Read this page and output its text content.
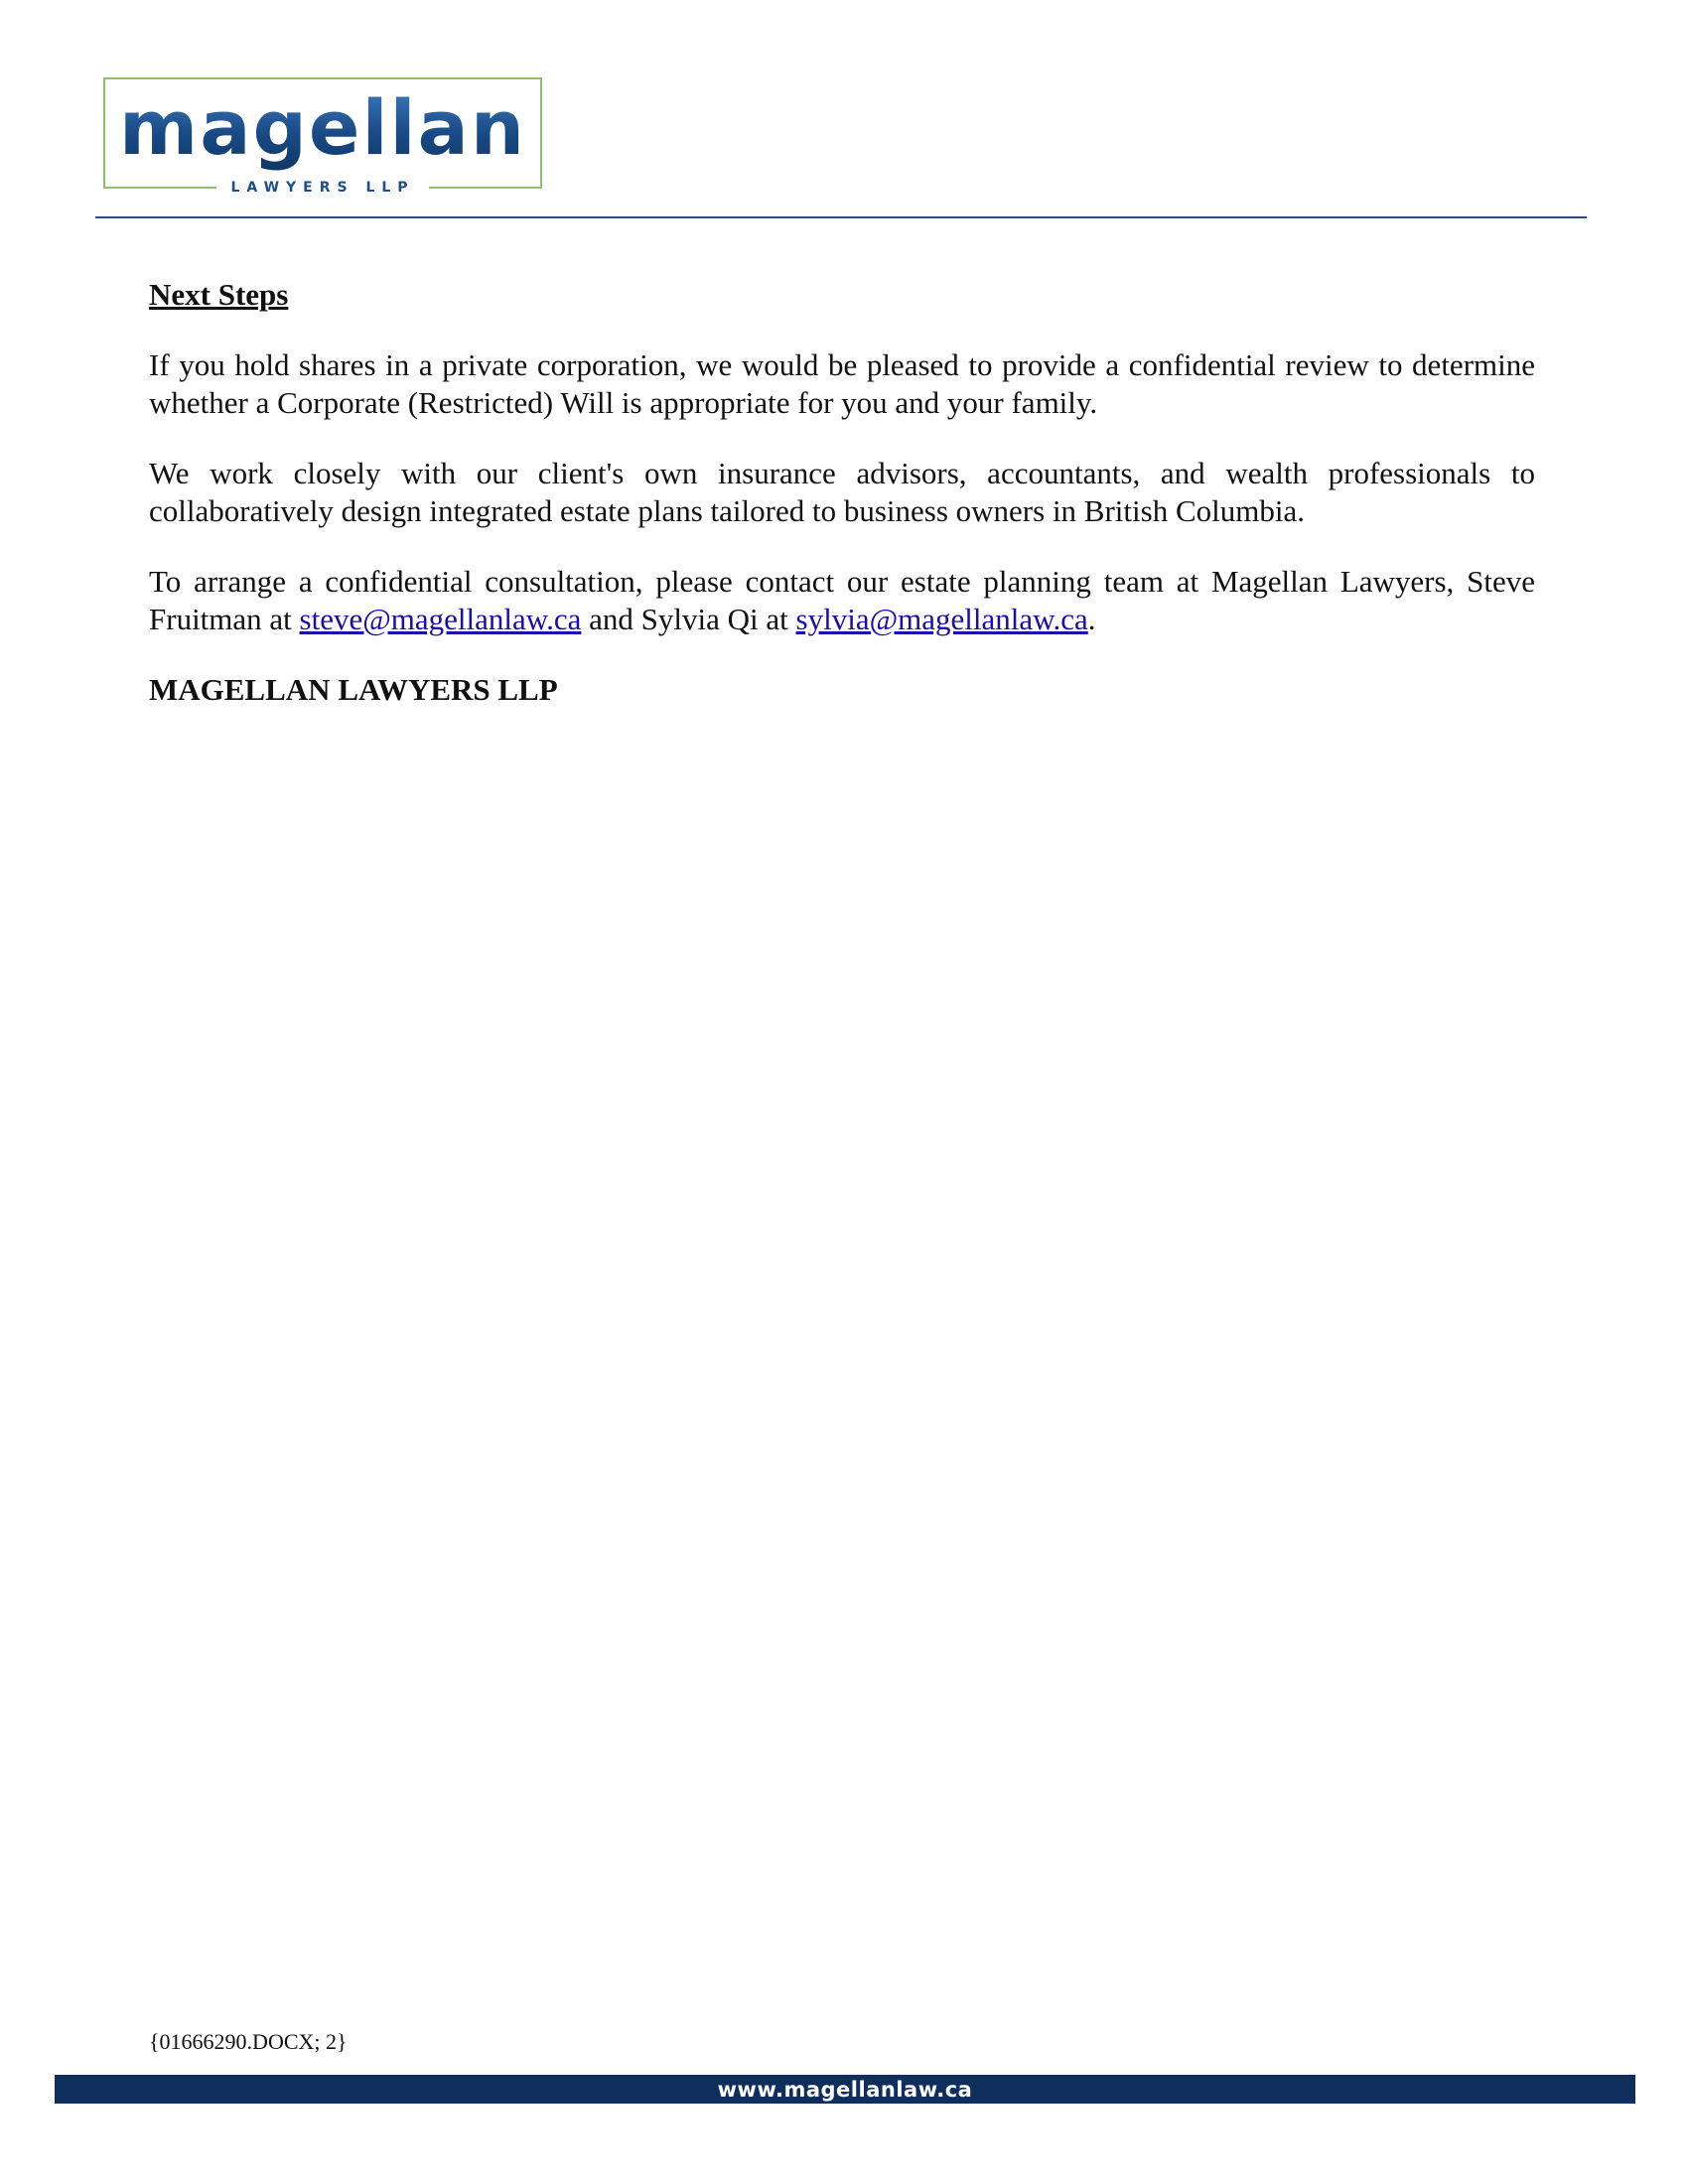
magellan
LAWYERS LLP

Next Steps

If you hold shares in a private corporation, we would be pleased to provide a confidential review to determine whether a Corporate (Restricted) Will is appropriate for you and your family.

We work closely with our client's own insurance advisors, accountants, and wealth professionals to collaboratively design integrated estate plans tailored to business owners in British Columbia.

To arrange a confidential consultation, please contact our estate planning team at Magellan Lawyers, Steve Fruitman at steve@magellanlaw.ca and Sylvia Qi at sylvia@magellanlaw.ca.

MAGELLAN LAWYERS LLP

{01666290.DOCX; 2}
www.magellanlaw.ca
